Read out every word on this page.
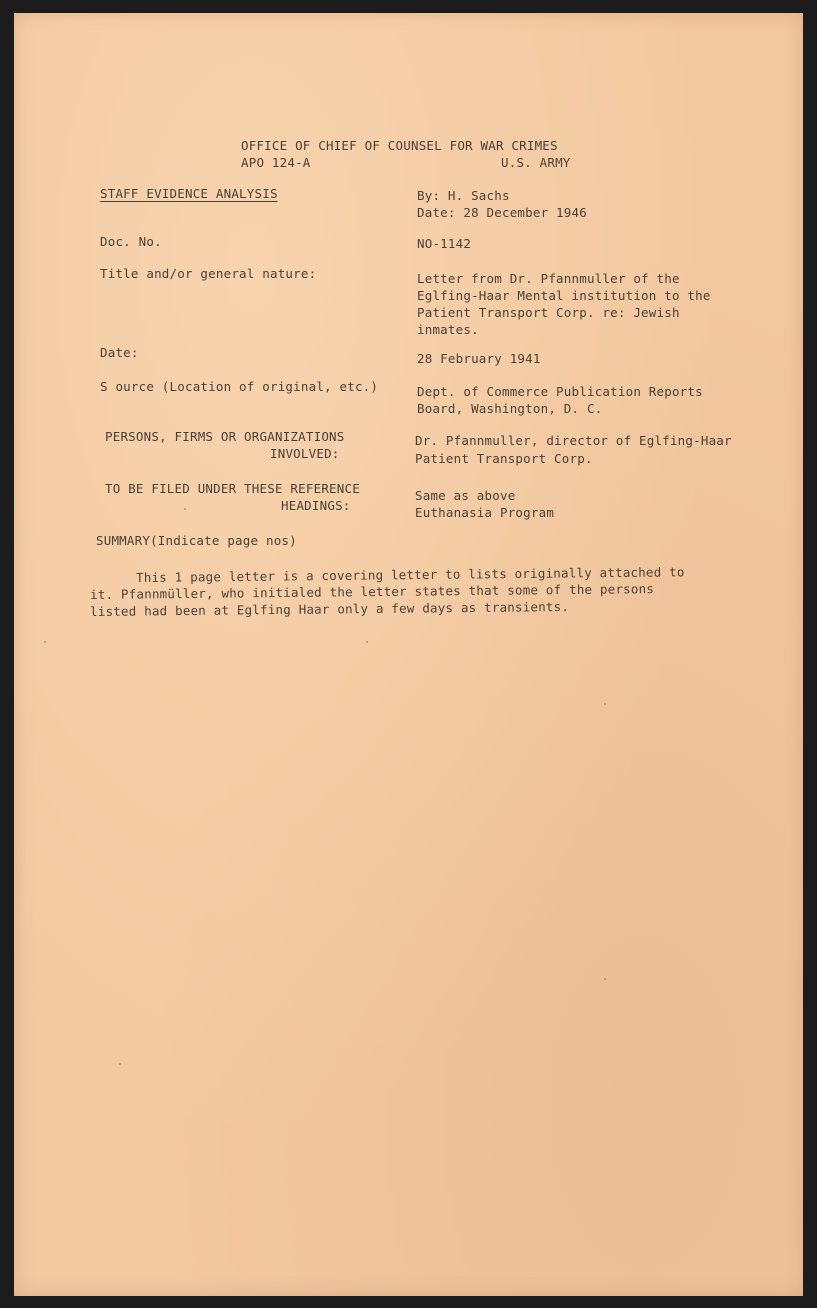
OFFICE OF CHIEF OF COUNSEL FOR WAR CRIMES
APO 124-A	U.S. ARMY
STAFF EVIDENCE ANALYSIS	By: H. Sachs
Date: 28 December 1946
Doc. No.	NO-1142
Title and/or general nature:	Letter from Dr. Pfannmuller of the
Eglfing-Haar Mental institution to the
Patient Transport Corp. re: Jewish
inmates.
Date:	28 February 1941
S ource (Location of original, etc.)	Dept. of Commerce Publication Reports
Board, Washington, D. C.
PERSONS, FIRMS OR ORGANIZATIONS
INVOLVED:
Dr. Pfannmuller, director of Eglfing-Haar
Patient Transport Corp.
TO BE FILED UNDER THESE REFERENCE
HEADINGS:
Same as above
Euthanasia Program
SUMMARY(Indicate page nos)
This 1 page letter is a covering letter to lists originally attached to
it. Pfannmüller, who initialed the letter states that some of the persons
listed had been at Eglfing Haar only a few days as transients.
